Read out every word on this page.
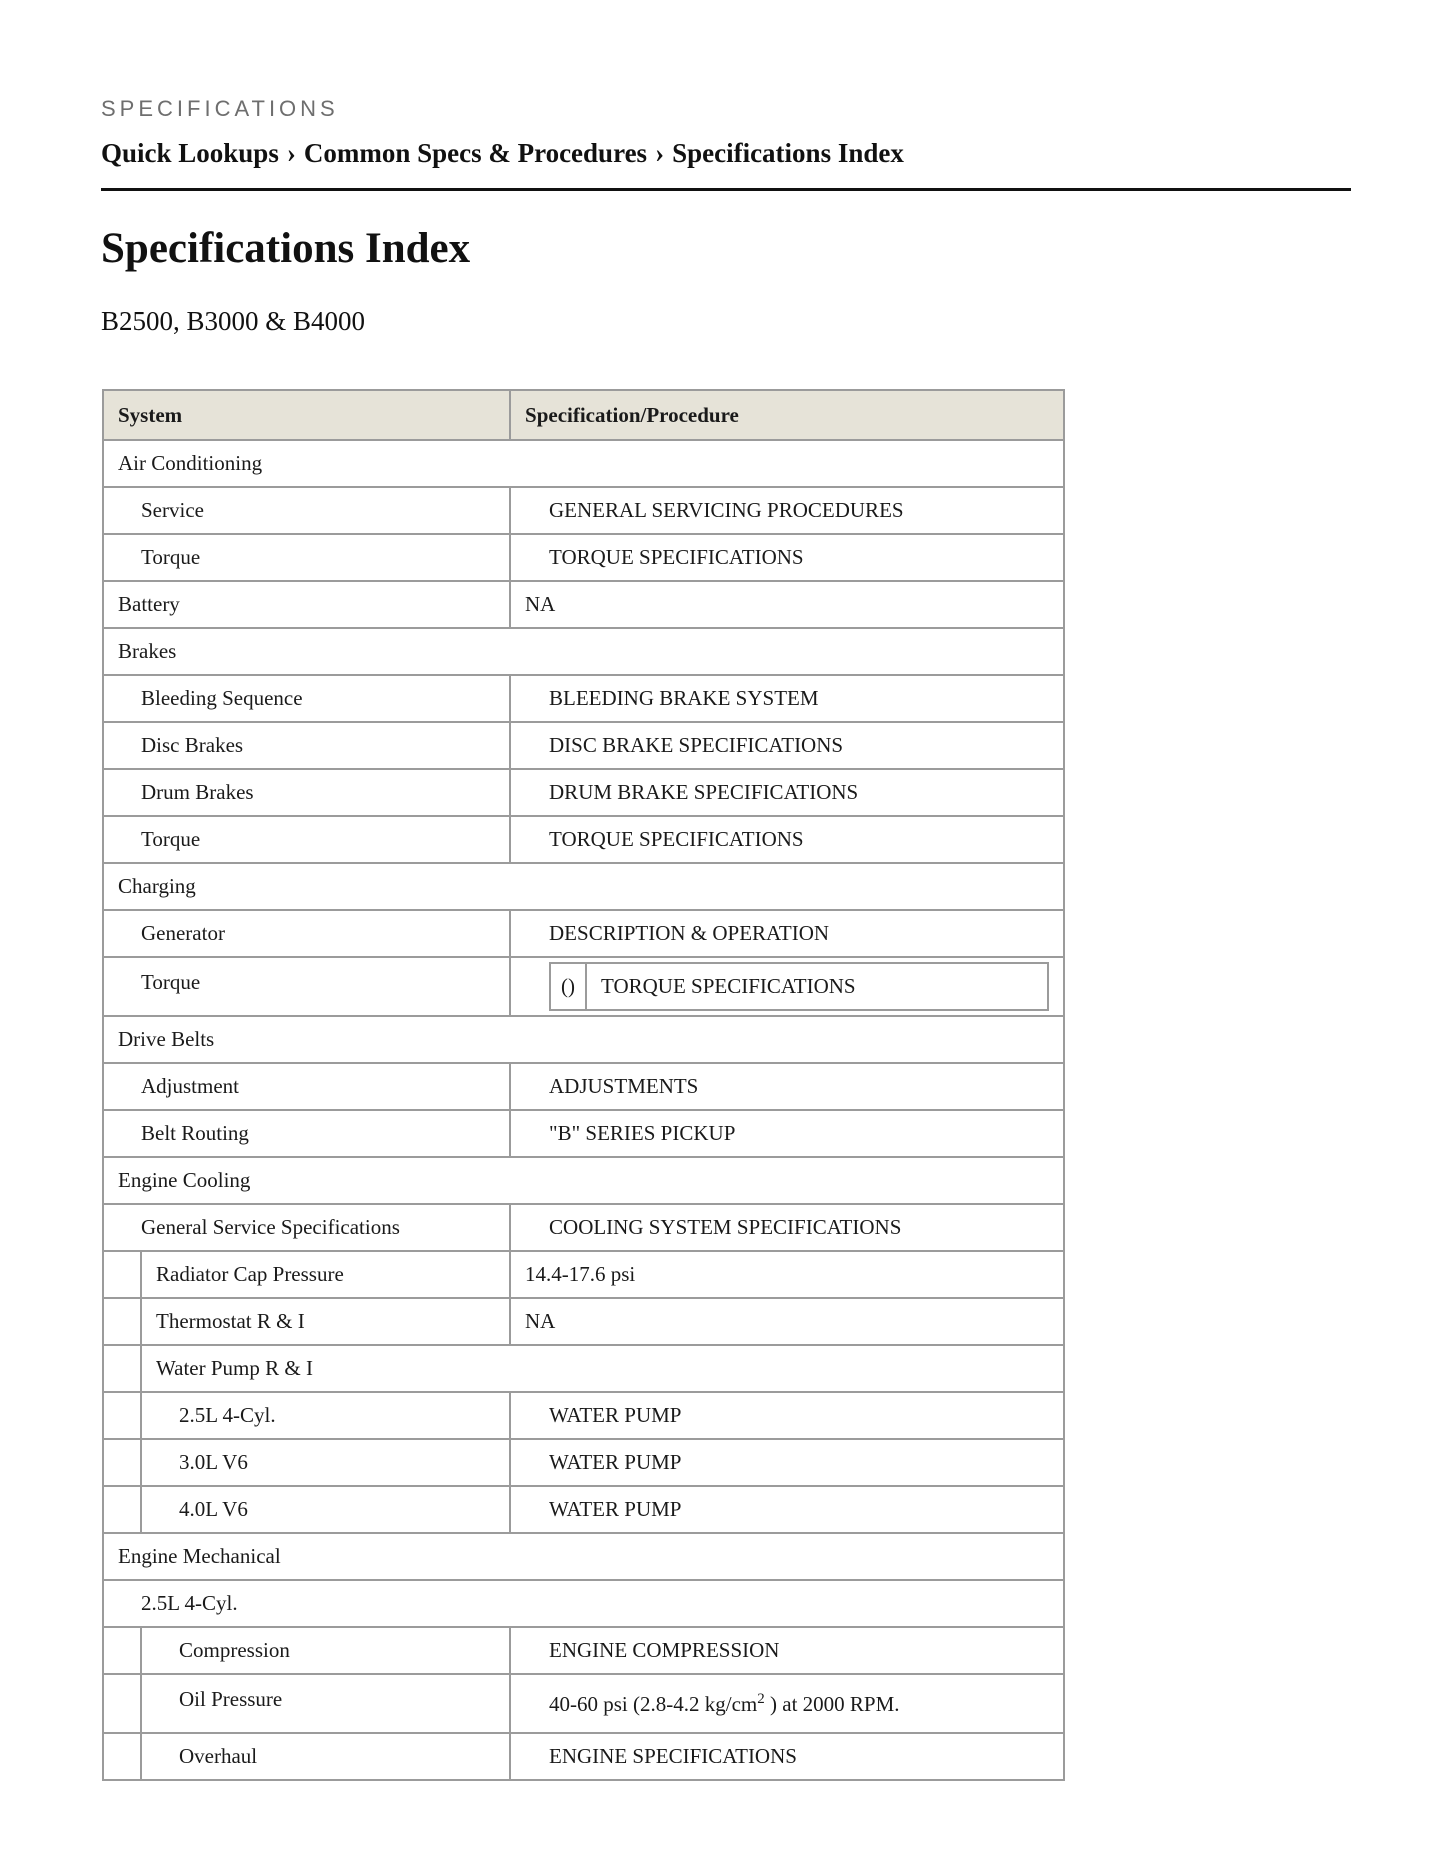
SPECIFICATIONS
Quick Lookups › Common Specs & Procedures › Specifications Index
Specifications Index
B2500, B3000 & B4000
System	Specification/Procedure
Air Conditioning
Service	GENERAL SERVICING PROCEDURES
Torque	TORQUE SPECIFICATIONS
Battery	NA
Brakes
Bleeding Sequence	BLEEDING BRAKE SYSTEM
Disc Brakes	DISC BRAKE SPECIFICATIONS
Drum Brakes	DRUM BRAKE SPECIFICATIONS
Torque	TORQUE SPECIFICATIONS
Charging
Generator	DESCRIPTION & OPERATION
Torque		()	TORQUE SPECIFICATIONS

Drive Belts
Adjustment	ADJUSTMENTS
Belt Routing	"B" SERIES PICKUP
Engine Cooling
General Service Specifications	COOLING SYSTEM SPECIFICATIONS
	Radiator Cap Pressure	14.4-17.6 psi
	Thermostat R & I	NA
	Water Pump R & I
	2.5L 4-Cyl.	WATER PUMP
	3.0L V6	WATER PUMP
	4.0L V6	WATER PUMP
Engine Mechanical
2.5L 4-Cyl.
	Compression	ENGINE COMPRESSION
	Oil Pressure	40-60 psi (2.8-4.2 $kg/cm^2$ ) at 2000 RPM.
	Overhaul	ENGINE SPECIFICATIONS
